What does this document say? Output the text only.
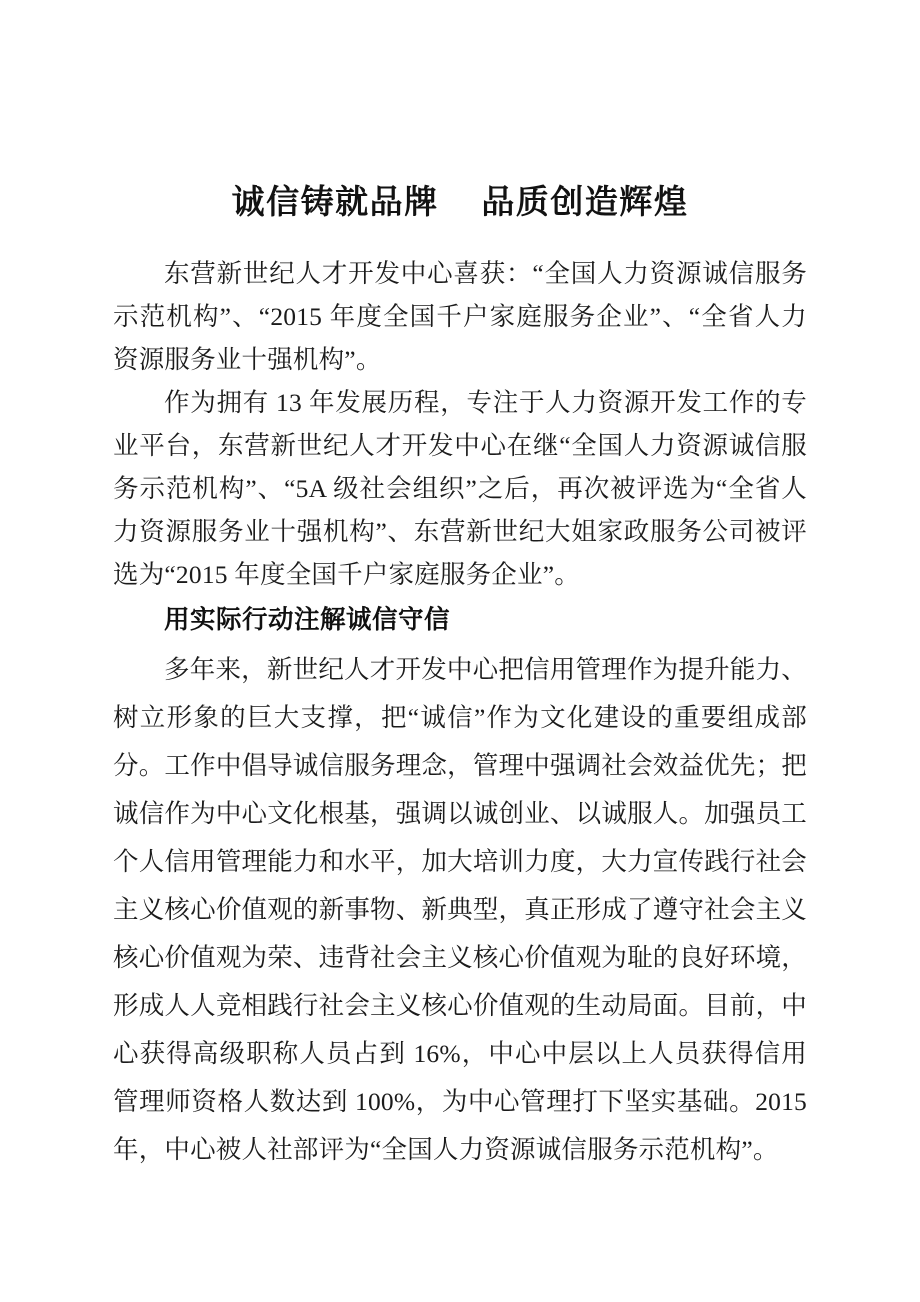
诚信铸就品牌    品质创造辉煌

东营新世纪人才开发中心喜获：“全国人力资源诚信服务示范机构”、“2015 年度全国千户家庭服务企业”、“全省人力资源服务业十强机构”。

作为拥有 13 年发展历程，专注于人力资源开发工作的专业平台，东营新世纪人才开发中心在继“全国人力资源诚信服务示范机构”、“5A 级社会组织”之后，再次被评选为“全省人力资源服务业十强机构”、东营新世纪大姐家政服务公司被评选为“2015 年度全国千户家庭服务企业”。

用实际行动注解诚信守信

多年来，新世纪人才开发中心把信用管理作为提升能力、树立形象的巨大支撑，把“诚信”作为文化建设的重要组成部分。工作中倡导诚信服务理念，管理中强调社会效益优先；把诚信作为中心文化根基，强调以诚创业、以诚服人。加强员工个人信用管理能力和水平，加大培训力度，大力宣传践行社会主义核心价值观的新事物、新典型，真正形成了遵守社会主义核心价值观为荣、违背社会主义核心价值观为耻的良好环境，形成人人竞相践行社会主义核心价值观的生动局面。目前，中心获得高级职称人员占到 16%，中心中层以上人员获得信用管理师资格人数达到 100%，为中心管理打下坚实基础。2015 年，中心被人社部评为“全国人力资源诚信服务示范机构”。
